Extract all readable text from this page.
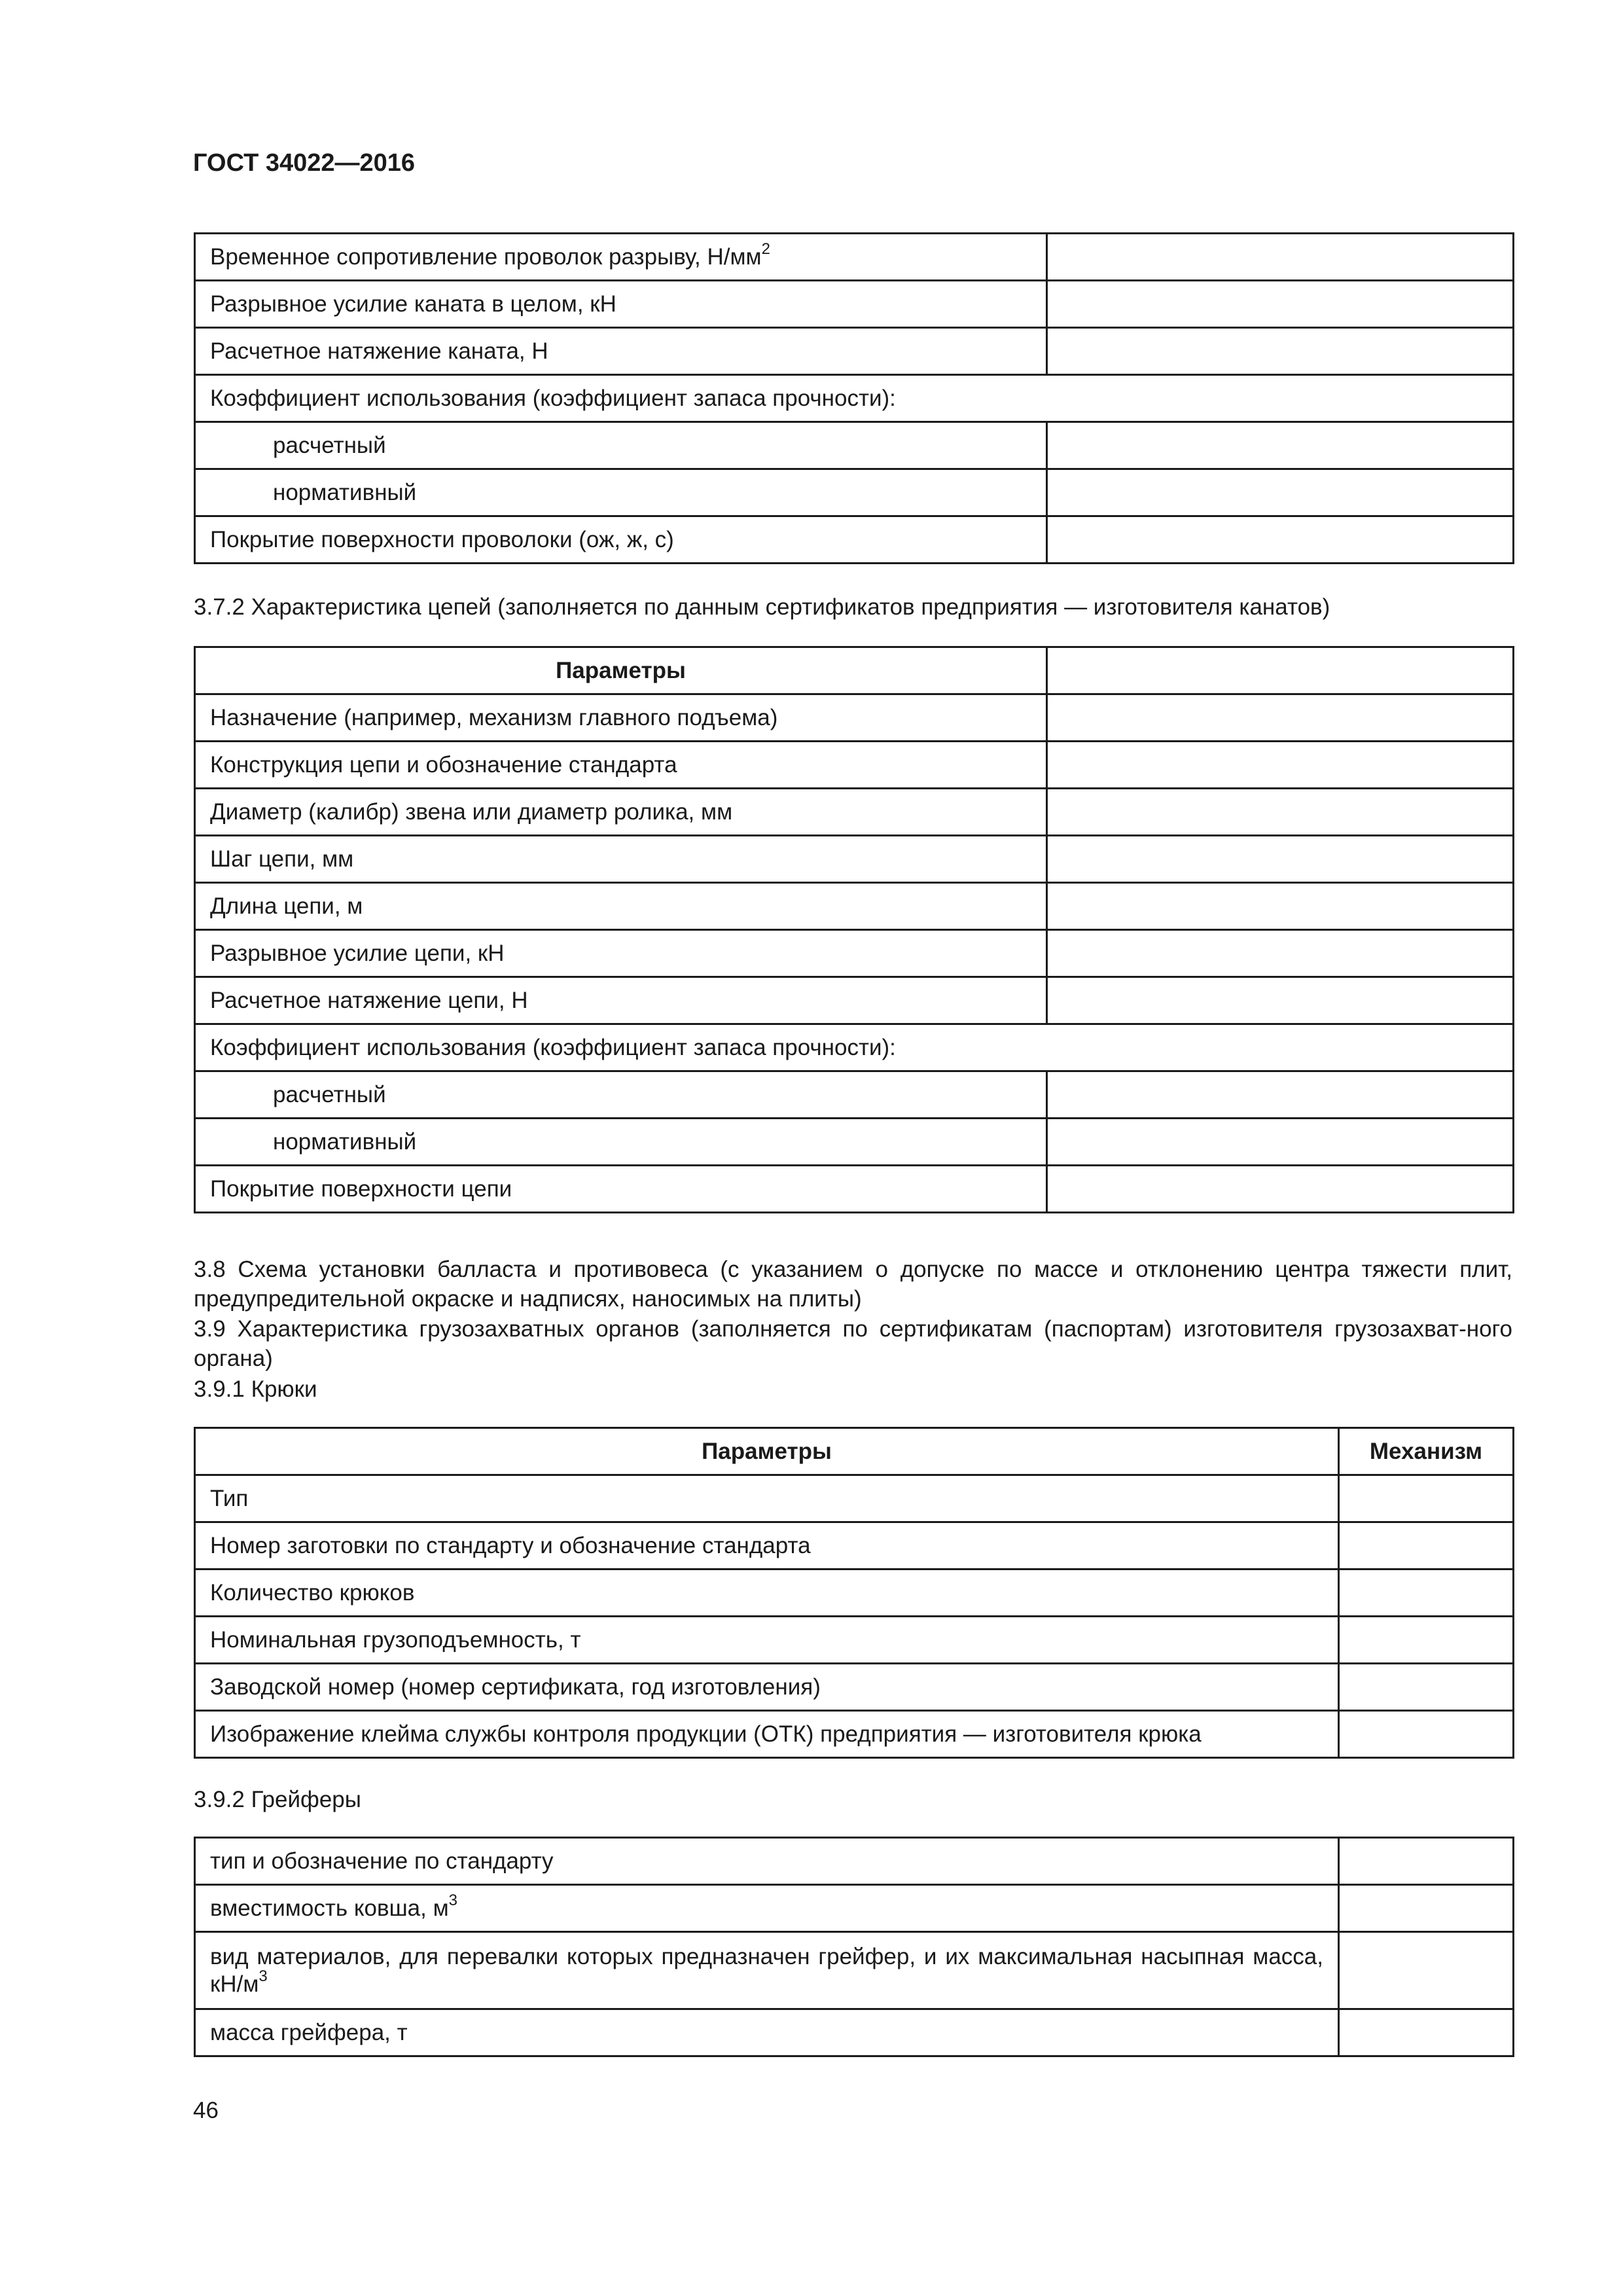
ГОСТ 34022—2016
Временное сопротивление проволок разрыву, $Н/мм^2$	
Разрывное усилие каната в целом, кН	
Расчетное натяжение каната, Н	
Коэффициент использования (коэффициент запаса прочности):	
расчетный	
нормативный	
Покрытие поверхности проволоки (ож, ж, с)	
3.7.2 Характеристика цепей (заполняется по данным сертификатов предприятия — изготовителя канатов)
Параметры	
Назначение (например, механизм главного подъема)	
Конструкция цепи и обозначение стандарта	
Диаметр (калибр) звена или диаметр ролика, мм	
Шаг цепи, мм	
Длина цепи, м	
Разрывное усилие цепи, кН	
Расчетное натяжение цепи, Н	
Коэффициент использования (коэффициент запаса прочности):	
расчетный	
нормативный	
Покрытие поверхности цепи	
3.8 Схема установки балласта и противовеса (с указанием о допуске по массе и отклонению центра тяжести плит, предупредительной окраске и надписях, наносимых на плиты)
3.9 Характеристика грузозахватных органов (заполняется по сертификатам (паспортам) изготовителя грузозахват-ного органа)
3.9.1 Крюки
Параметры	Механизм
Тип	
Номер заготовки по стандарту и обозначение стандарта	
Количество крюков	
Номинальная грузоподъемность, т	
Заводской номер (номер сертификата, год изготовления)	
Изображение клейма службы контроля продукции (ОТК) предприятия — изготовителя крюка	
3.9.2 Грейферы
тип и обозначение по стандарту	
вместимость ковша, $м^3$	
вид материалов, для перевалки которых предназначен грейфер, и их максимальная насыпная масса, $кН/м^3$	
масса грейфера, т	
46
